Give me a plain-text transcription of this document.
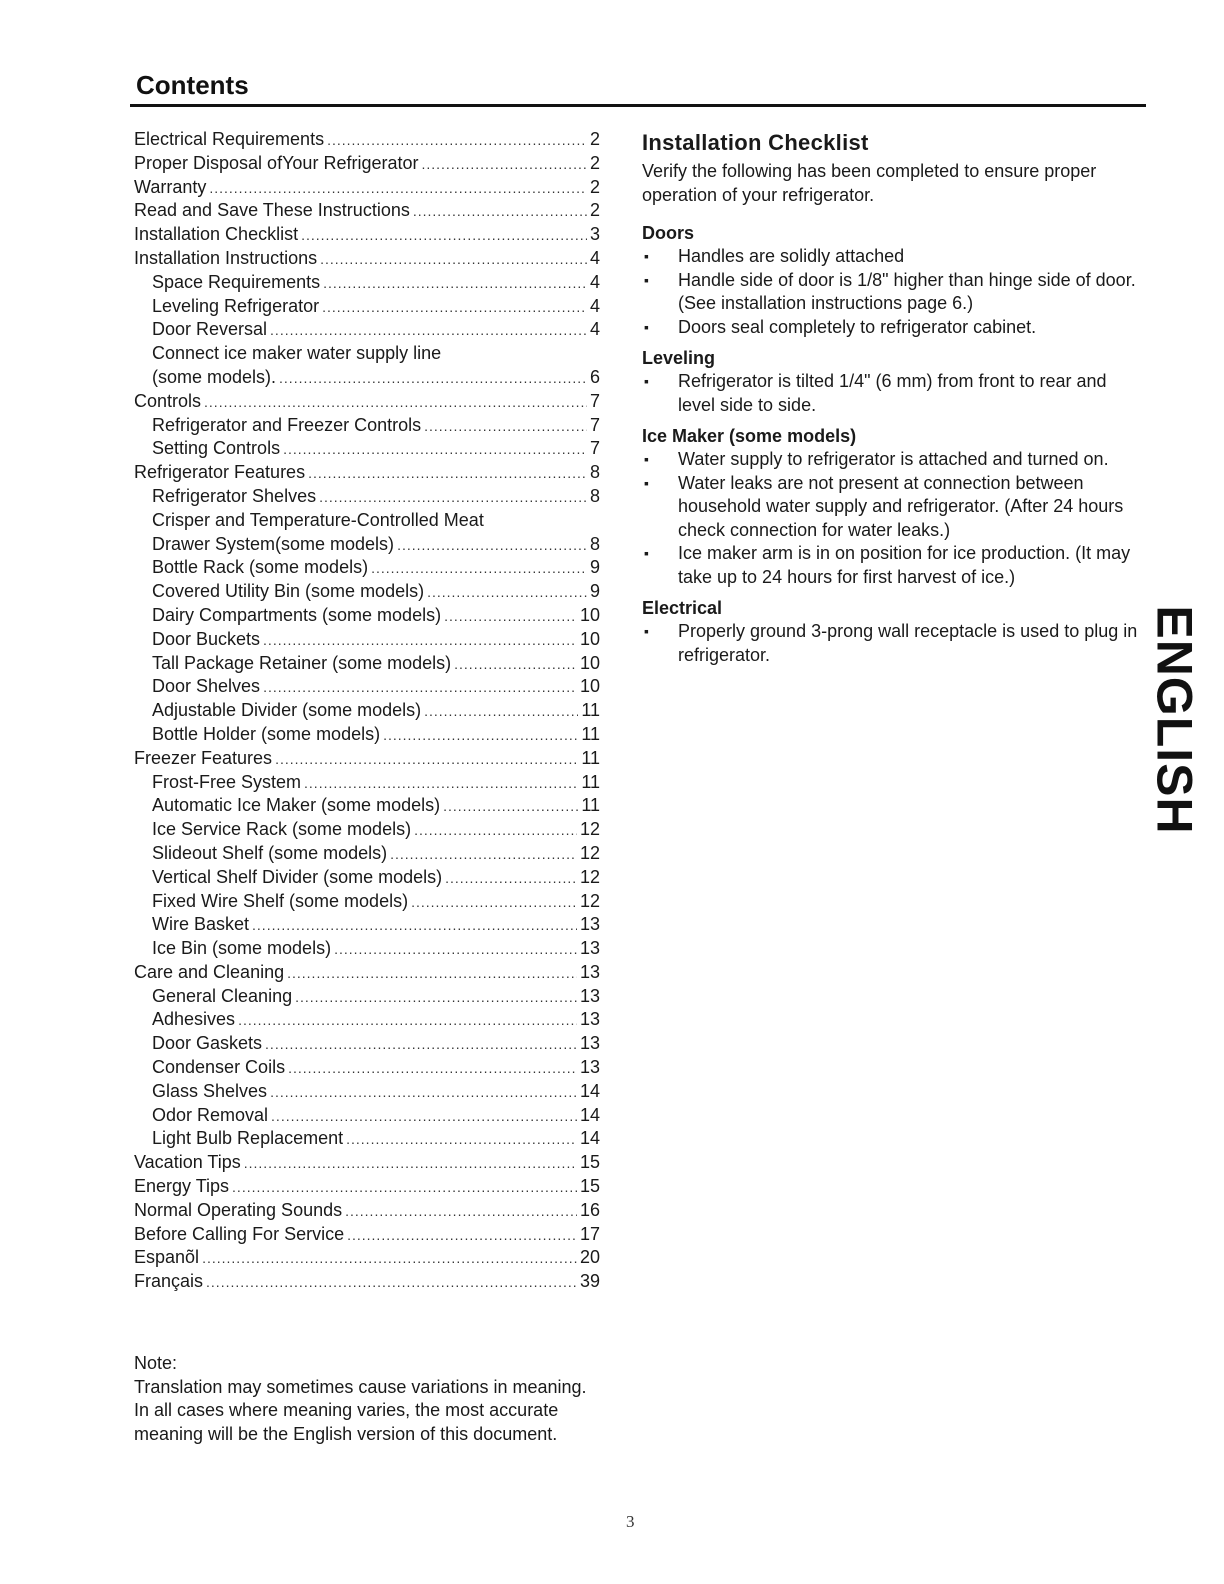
Contents
Electrical Requirements .....	2
Proper Disposal ofYour Refrigerator .....	2
Warranty .....	2
Read and Save These Instructions .....	2
Installation Checklist .....	3
Installation Instructions .....	4
Space Requirements .....	4
Leveling Refrigerator .....	4
Door Reversal .....	4
Connect ice maker water supply line
(some models). .....	6
Controls .....	7
Refrigerator and Freezer Controls .....	7
Setting Controls .....	7
Refrigerator Features .....	8
Refrigerator Shelves .....	8
Crisper and Temperature-Controlled Meat
Drawer System(some models) .....	8
Bottle Rack (some models) .....	9
Covered Utility Bin (some models) .....	9
Dairy Compartments (some models) .....	10
Door Buckets .....	10
Tall Package Retainer (some models) .....	10
Door Shelves .....	10
Adjustable Divider (some models) .....	11
Bottle Holder (some models) .....	11
Freezer Features .....	11
Frost-Free System .....	11
Automatic Ice Maker (some models) .....	11
Ice Service Rack (some models) .....	12
Slideout Shelf (some models) .....	12
Vertical Shelf Divider (some models) .....	12
Fixed Wire Shelf (some models) .....	12
Wire Basket .....	13
Ice Bin (some models) .....	13
Care and Cleaning .....	13
General Cleaning .....	13
Adhesives .....	13
Door Gaskets .....	13
Condenser Coils .....	13
Glass Shelves .....	14
Odor Removal .....	14
Light Bulb Replacement .....	14
Vacation Tips .....	15
Energy Tips .....	15
Normal Operating Sounds .....	16
Before Calling For Service .....	17
Espanõl .....	20
Français .....	39
Note:
Translation may sometimes cause variations in meaning.
In all cases where meaning varies, the most accurate
meaning will be the English version of this document.
Installation Checklist

Verify the following has been completed to ensure proper operation of your refrigerator.

Doors
▪ Handles are solidly attached
▪ Handle side of door is 1/8" higher than hinge side of door. (See installation instructions page 6.)
▪ Doors seal completely to refrigerator cabinet.
Leveling
▪ Refrigerator is tilted 1/4" (6 mm) from front to rear and level side to side.
Ice Maker (some models)
▪ Water supply to refrigerator is attached and turned on.
▪ Water leaks are not present at connection between household water supply and refrigerator. (After 24 hours check connection for water leaks.)
▪ Ice maker arm is in on position for ice production. (It may take up to 24 hours for first harvest of ice.)
Electrical
▪ Properly ground 3-prong wall receptacle is used to plug in refrigerator.	ENGLISH
3
